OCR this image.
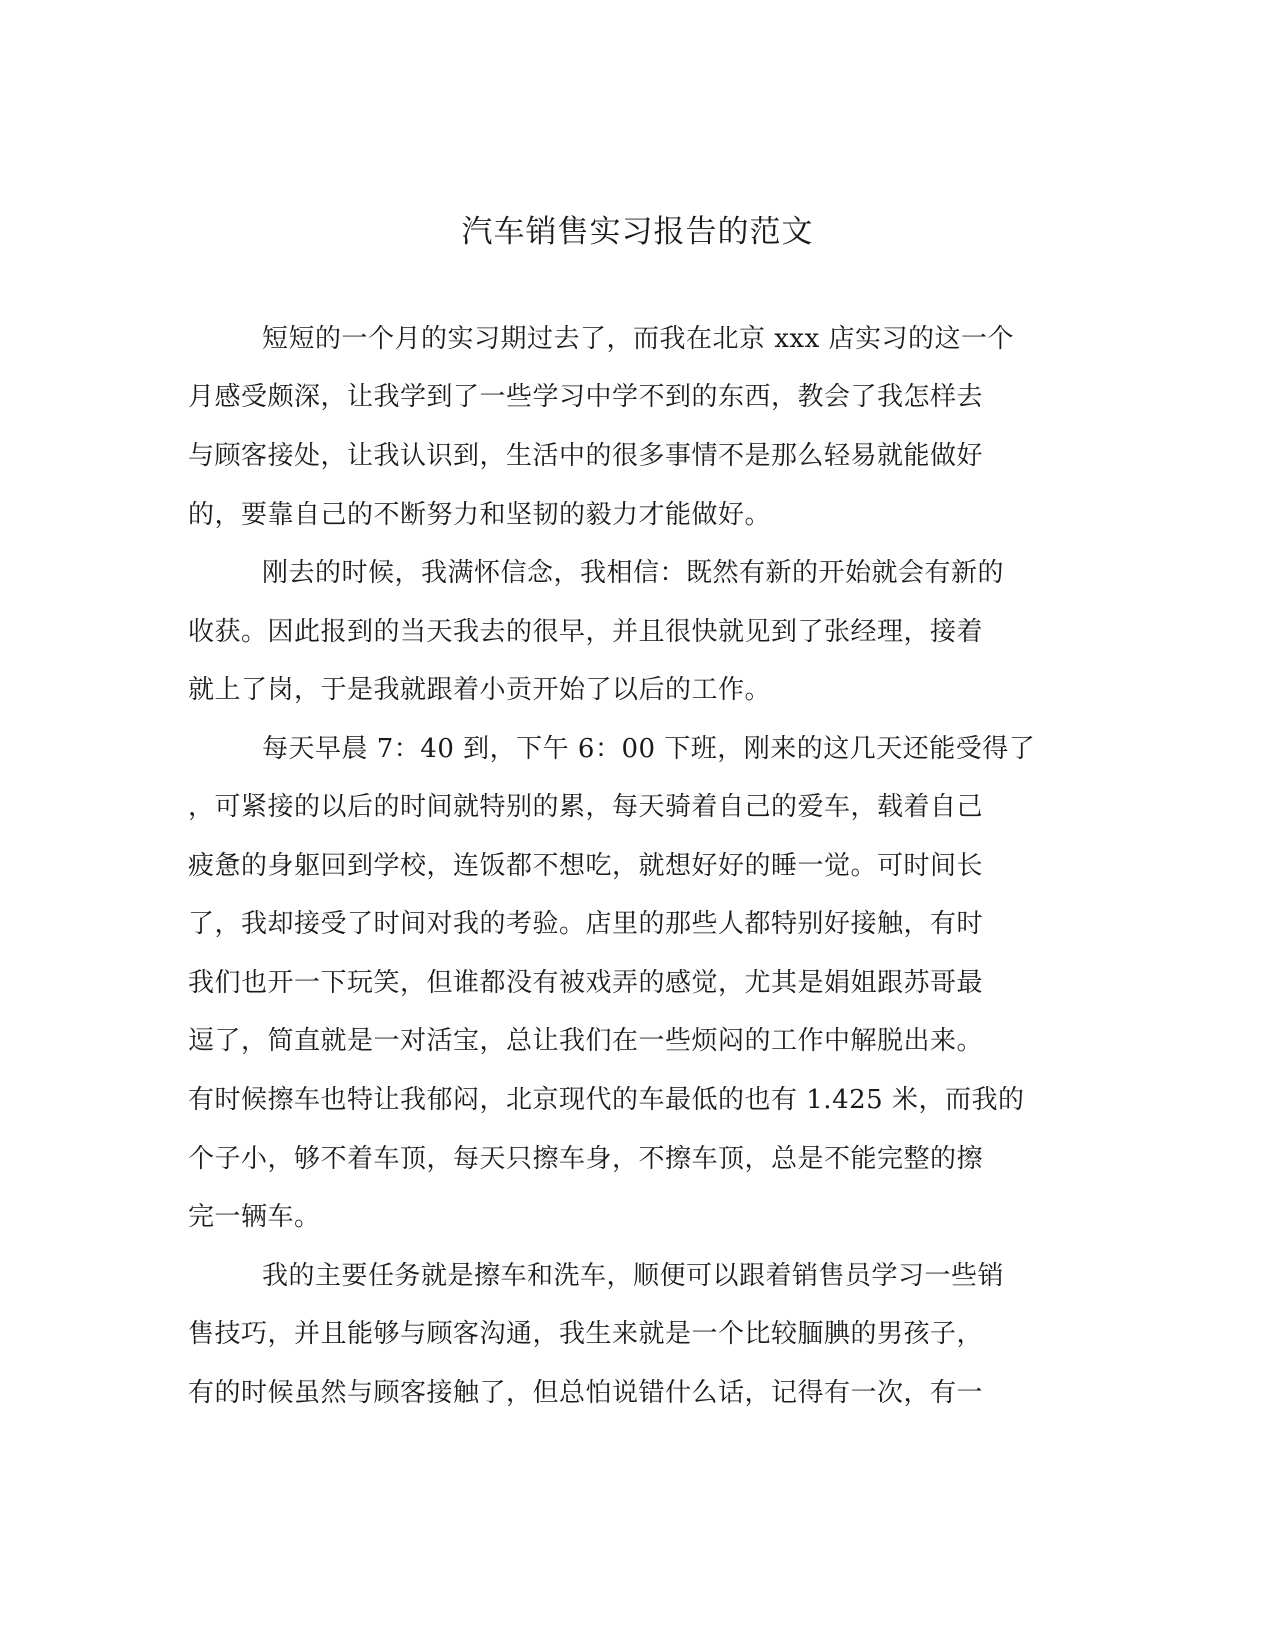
汽车销售实习报告的范文
短短的一个月的实习期过去了，而我在北京 xxx 店实习的这一个
月感受颇深，让我学到了一些学习中学不到的东西，教会了我怎样去
与顾客接处，让我认识到，生活中的很多事情不是那么轻易就能做好
的，要靠自己的不断努力和坚韧的毅力才能做好。
刚去的时候，我满怀信念，我相信：既然有新的开始就会有新的
收获。因此报到的当天我去的很早，并且很快就见到了张经理，接着
就上了岗，于是我就跟着小贡开始了以后的工作。
每天早晨 7：40 到，下午 6：00 下班，刚来的这几天还能受得了
，可紧接的以后的时间就特别的累，每天骑着自己的爱车，载着自己
疲惫的身躯回到学校，连饭都不想吃，就想好好的睡一觉。可时间长
了，我却接受了时间对我的考验。店里的那些人都特别好接触，有时
我们也开一下玩笑，但谁都没有被戏弄的感觉，尤其是娟姐跟苏哥最
逗了，简直就是一对活宝，总让我们在一些烦闷的工作中解脱出来。
有时候擦车也特让我郁闷，北京现代的车最低的也有 1.425 米，而我的
个子小，够不着车顶，每天只擦车身，不擦车顶，总是不能完整的擦
完一辆车。
我的主要任务就是擦车和洗车，顺便可以跟着销售员学习一些销
售技巧，并且能够与顾客沟通，我生来就是一个比较腼腆的男孩子，
有的时候虽然与顾客接触了，但总怕说错什么话，记得有一次，有一
